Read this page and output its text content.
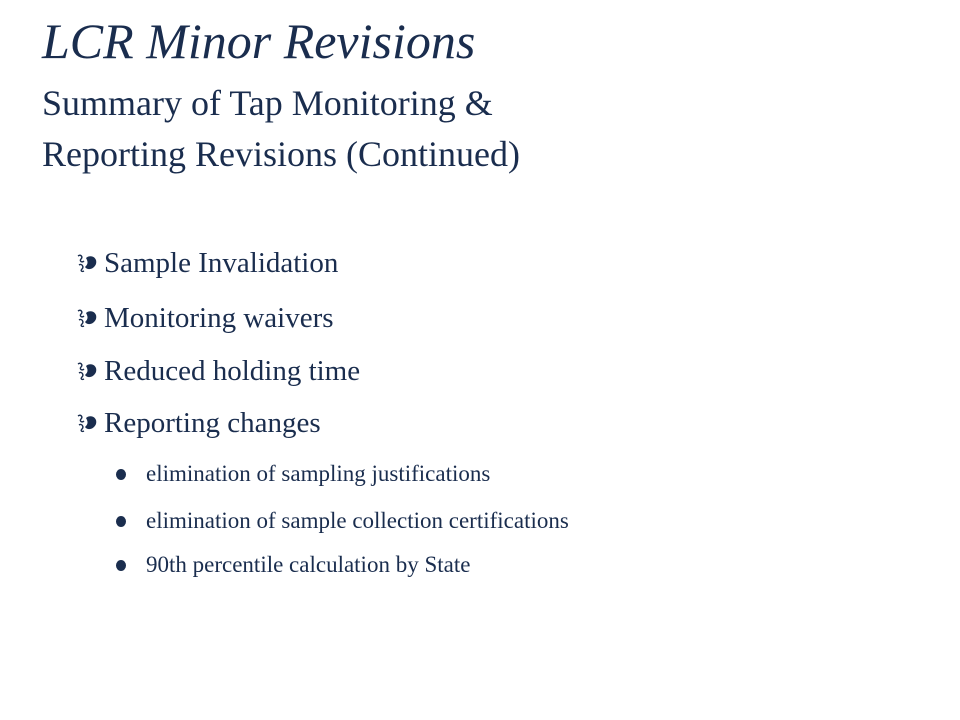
LCR Minor Revisions
Summary of Tap Monitoring &
Reporting Revisions (Continued)
Sample Invalidation
Monitoring waivers
Reduced holding time
Reporting changes
elimination of sampling justifications
elimination of sample collection certifications
90th percentile calculation by State
